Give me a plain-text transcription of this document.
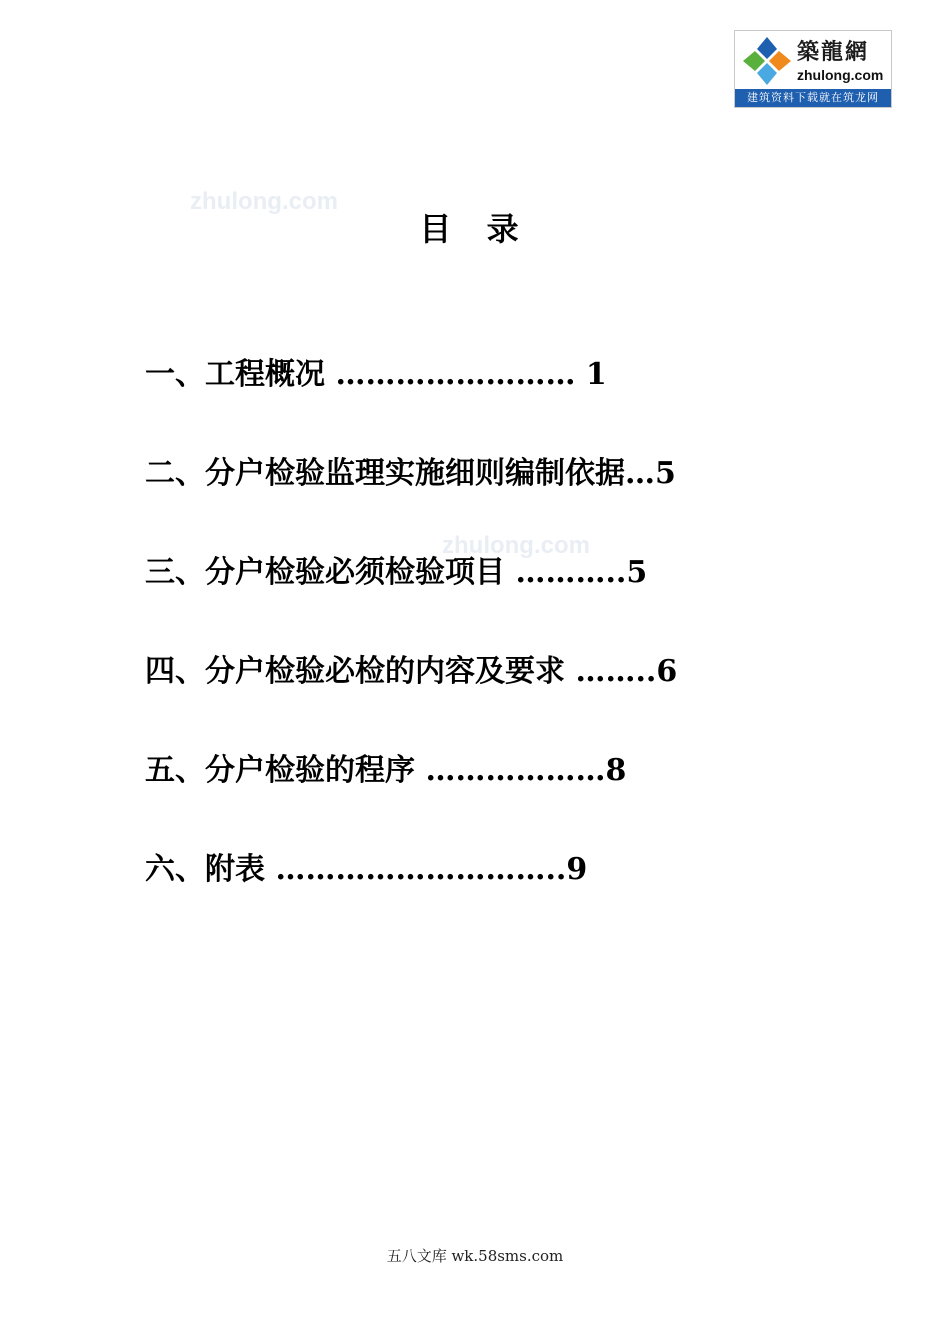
築龍網
zhulong.com
建筑资料下载就在筑龙网
zhulong.com
zhulong.com
目 录
一、工程概况 …………………… 1
二、分户检验监理实施细则编制依据…5
三、分户检验必须检验项目 ………..5
四、分户检验必检的内容及要求 ……..6
五、分户检验的程序 ………………8
六、附表 ………………………..9
五八文库 wk.58sms.com
